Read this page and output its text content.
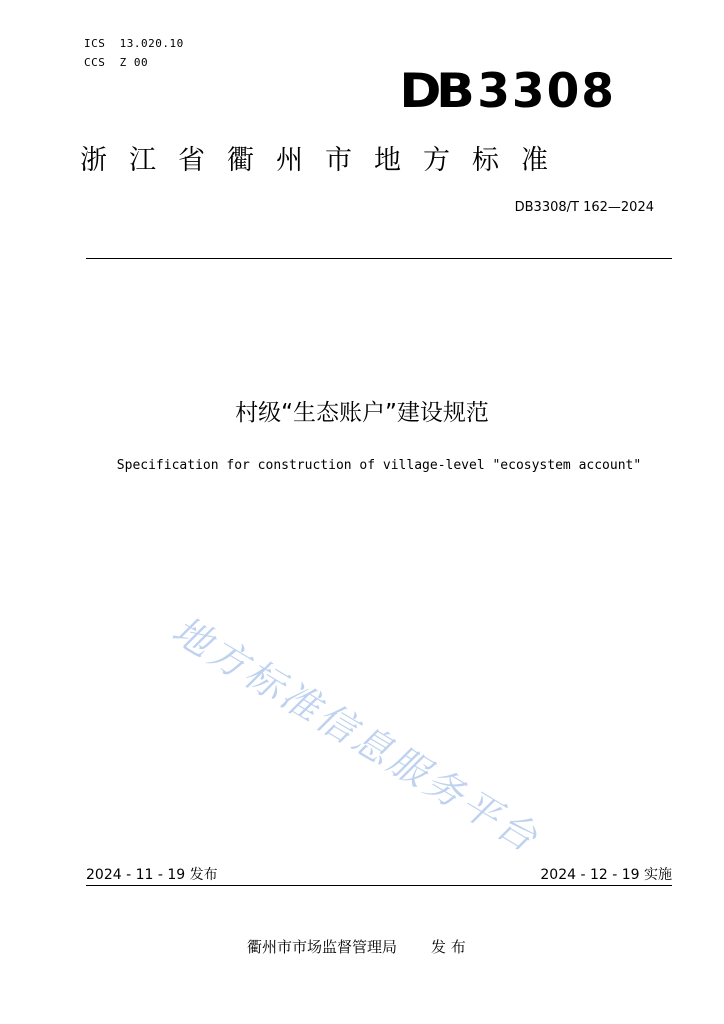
ICS  13.020.10
CCS  Z 00
DB 3308
浙江省衢州市地方标准
DB3308/T 162—2024
村级“生态账户”建设规范
Specification for construction of village-level "ecosystem account"
地方标准信息服务平台
2024 - 11 - 19 发布	2024 - 12 - 19 实施
衢州市市场监督管理局 发 布
